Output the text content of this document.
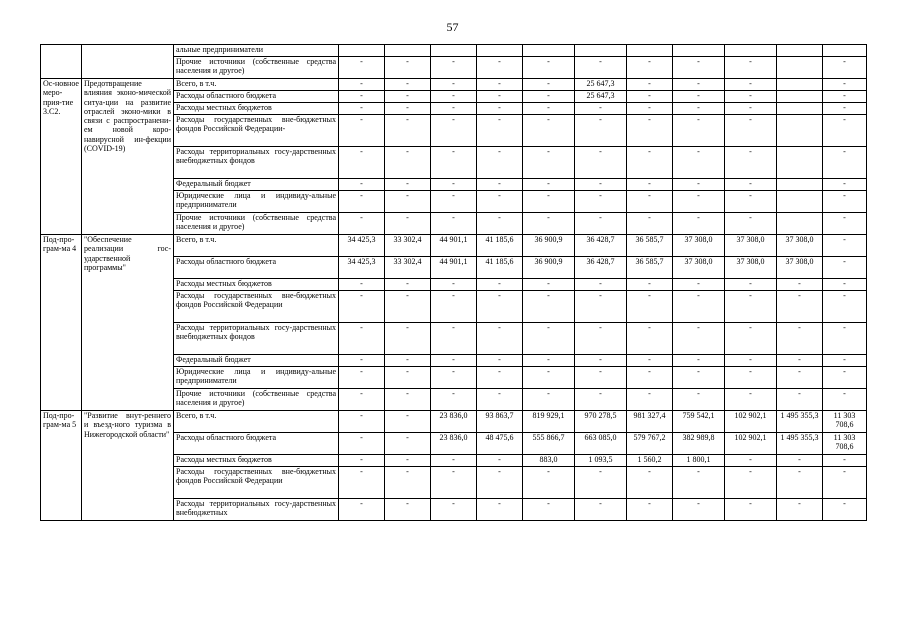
57
		альные предприниматели											
		Прочие источники (собственные средства населения и другое)	-	-	-	-	-	-	-	-	-		-
Ос-новное меро-прия-тие 3.С2.	Предотвращение влияния эконо-мической ситуа-ции на развитие отраслей эконо-мики в связи с распространени-ем новой коро-навирусной ин-фекции (COVID-19)	Всего, в т.ч.	-	-	-	-	-	25 647,3	-	-	-		-
		Расходы областного бюджета	-	-	-	-	-	25 647,3	-	-	-		-
		Расходы местных бюджетов	-	-	-	-	-	-	-	-	-		-
		Расходы государственных вне-бюджетных фондов Российской Федерации-	-	-	-	-	-	-	-	-	-		-
		Расходы территориальных госу-дарственных внебюджетных фондов	-	-	-	-	-	-	-	-	-		-
		Федеральный бюджет	-	-	-	-	-	-	-	-	-		-
		Юридические лица и индивиду-альные предприниматели	-	-	-	-	-	-	-	-	-		-
		Прочие источники (собственные средства населения и другое)	-	-	-	-	-	-	-	-	-		-
Под-про-грам-ма 4	"Обеспечение реализации гос-ударственной программы"	Всего, в т.ч.	34 425,3	33 302,4	44 901,1	41 185,6	36 900,9	36 428,7	36 585,7	37 308,0	37 308,0	37 308,0	-
		Расходы областного бюджета	34 425,3	33 302,4	44 901,1	41 185,6	36 900,9	36 428,7	36 585,7	37 308,0	37 308,0	37 308,0	-
		Расходы местных бюджетов	-	-	-	-	-	-	-	-	-	-	-
		Расходы государственных вне-бюджетных фондов Российской Федерации	-	-	-	-	-	-	-	-	-	-	-
		Расходы территориальных госу-дарственных внебюджетных фондов	-	-	-	-	-	-	-	-	-	-	-
		Федеральный бюджет	-	-	-	-	-	-	-	-	-	-	-
		Юридические лица и индивиду-альные предприниматели	-	-	-	-	-	-	-	-	-	-	-
		Прочие источники (собственные средства населения и другое)	-	-	-	-	-	-	-	-	-	-	-
Под-про-грам-ма 5	"Развитие внут-реннего и въезд-ного туризма в Нижегородской области"	Всего, в т.ч.	-	-	23 836,0	93 863,7	819 929,1	970 278,5	981 327,4	759 542,1	102 902,1	1 495 355,3	11 303 708,6
		Расходы областного бюджета	-	-	23 836,0	48 475,6	555 866,7	663 085,0	579 767,2	382 989,8	102 902,1	1 495 355,3	11 303 708,6
		Расходы местных бюджетов	-	-	-	-	883,0	1 093,5	1 560,2	1 800,1	-	-	-
		Расходы государственных вне-бюджетных фондов Российской Федерации	-	-	-	-	-	-	-	-	-	-	-
		Расходы территориальных госу-дарственных внебюджетных	-	-	-	-	-	-	-	-	-	-	-
